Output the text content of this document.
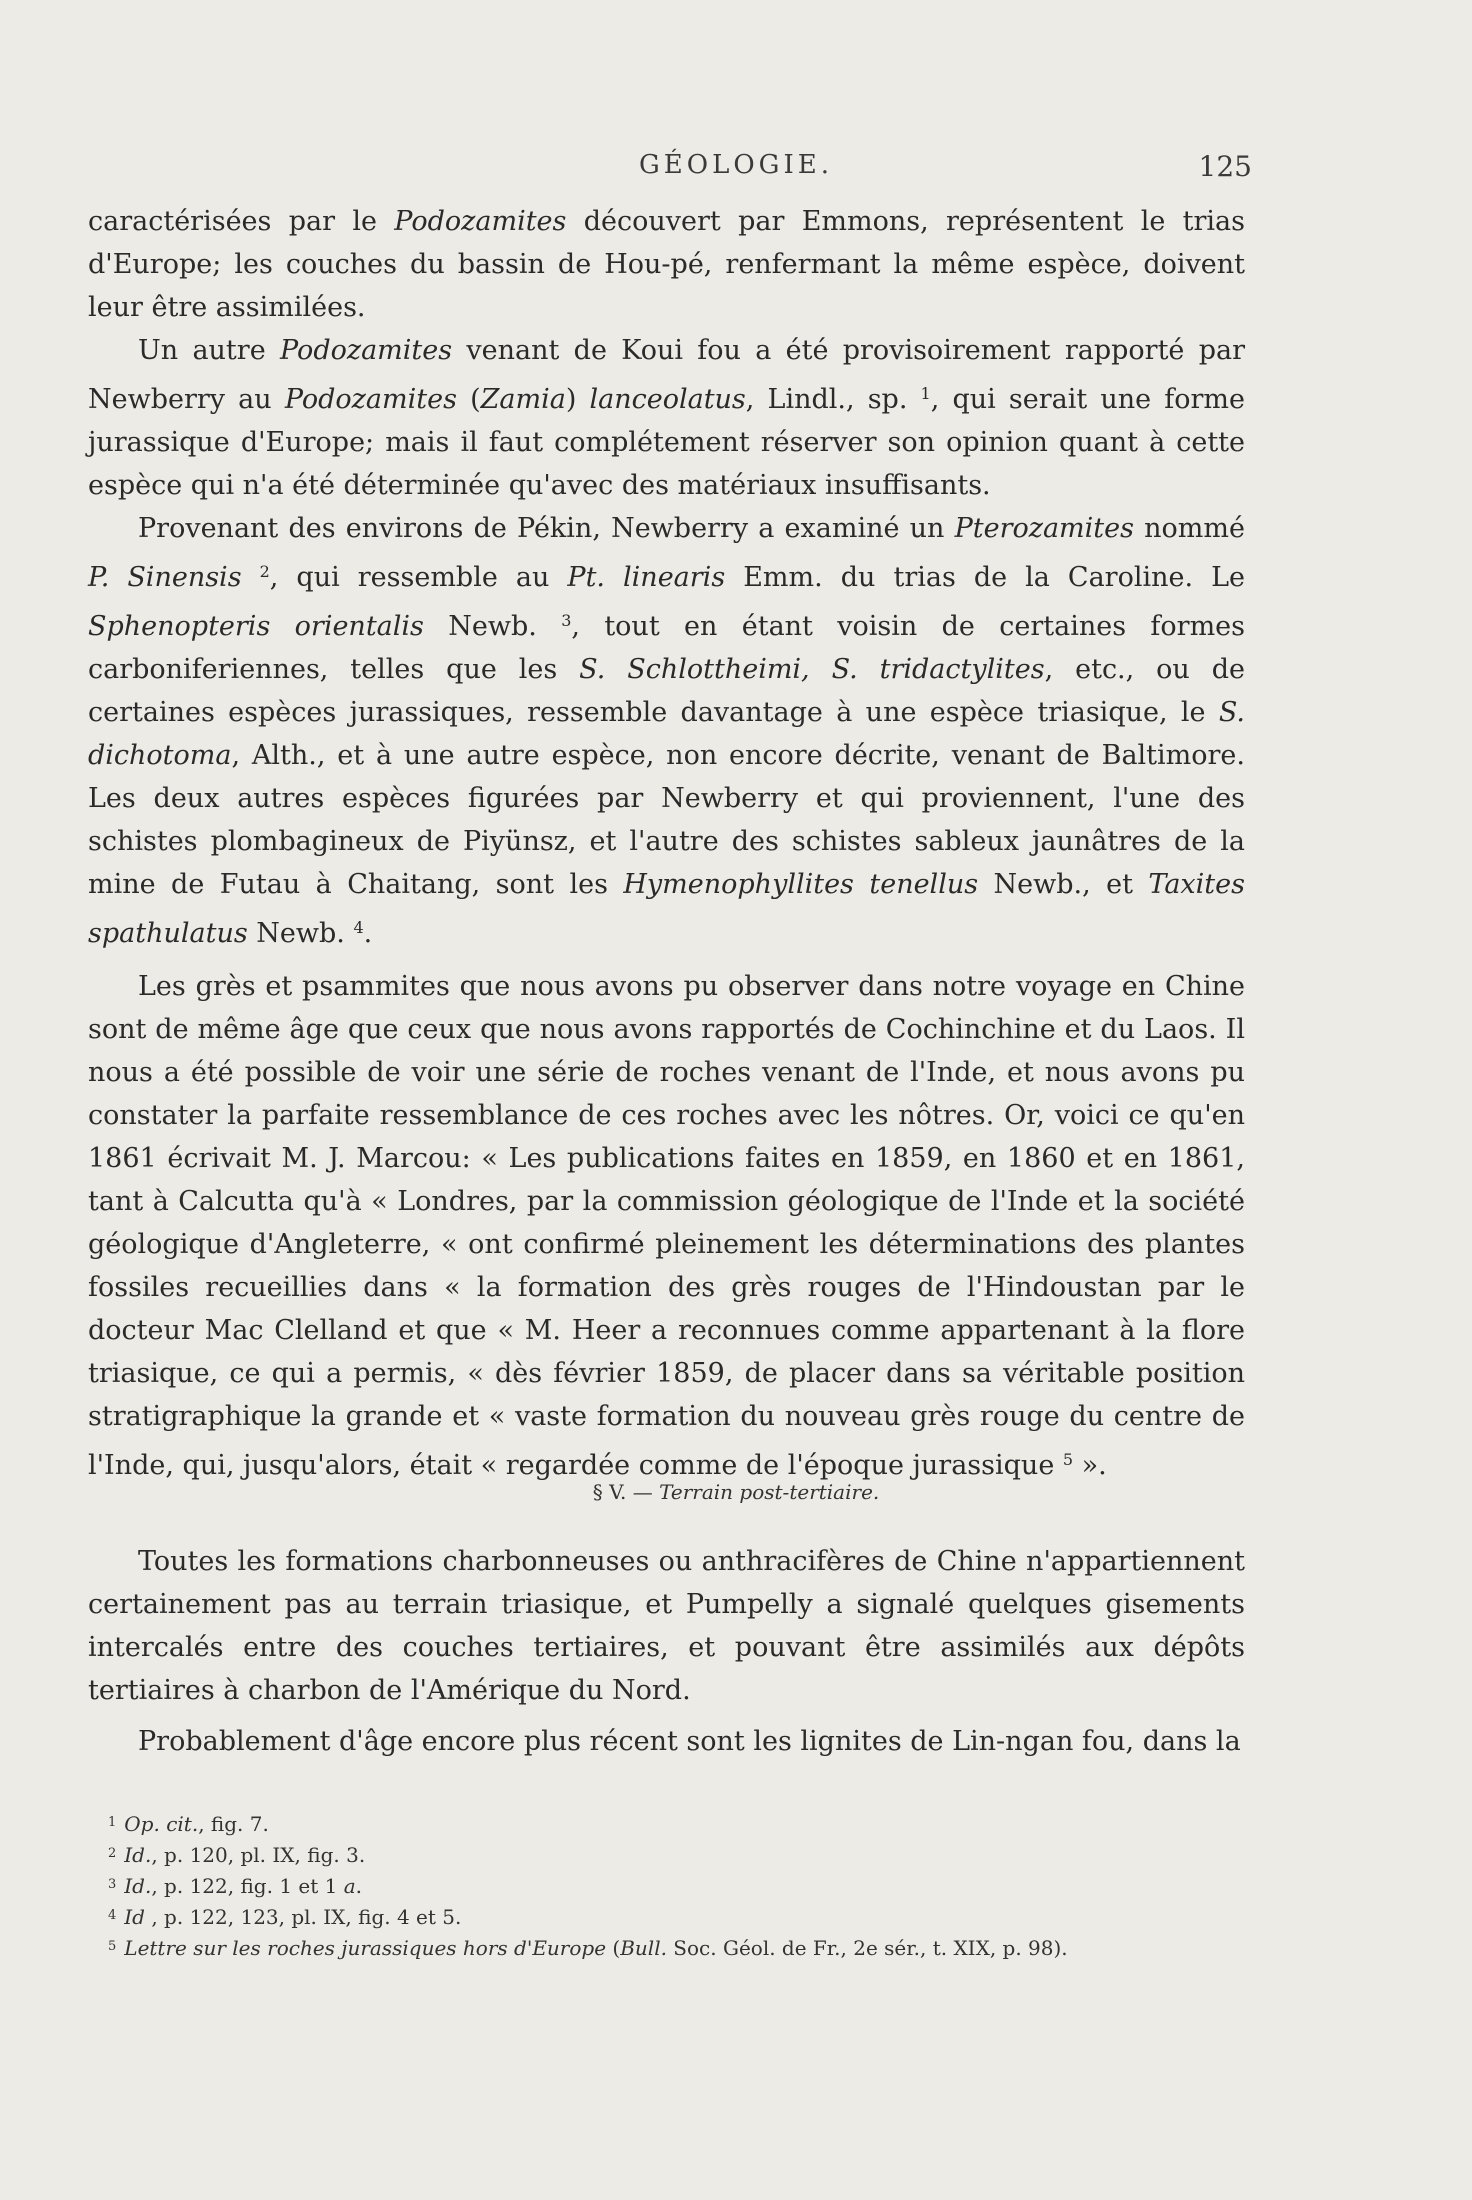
GÉOLOGIE.	125

caractérisées par le Podozamites découvert par Emmons, représentent le trias d'Europe; les couches du bassin de Hou-pé, renfermant la même espèce, doivent leur être assimilées.

Un autre Podozamites venant de Koui fou a été provisoirement rapporté par Newberry au Podozamites (Zamia) lanceolatus, Lindl., sp. $^1$, qui serait une forme jurassique d'Europe; mais il faut complétement réserver son opinion quant à cette espèce qui n'a été déterminée qu'avec des matériaux insuffisants.

Provenant des environs de Pékin, Newberry a examiné un Pterozamites nommé P. Sinensis $^2$, qui ressemble au Pt. linearis Emm. du trias de la Caroline. Le Sphenopteris orientalis Newb. $^3$, tout en étant voisin de certaines formes carboniferiennes, telles que les S. Schlottheimi, S. tridactylites, etc., ou de certaines espèces jurassiques, ressemble davantage à une espèce triasique, le S. dichotoma, Alth., et à une autre espèce, non encore décrite, venant de Baltimore. Les deux autres espèces figurées par Newberry et qui proviennent, l'une des schistes plombagineux de Piyünsz, et l'autre des schistes sableux jaunâtres de la mine de Futau à Chaitang, sont les Hymenophyllites tenellus Newb., et Taxites spathulatus Newb. $^4$.

Les grès et psammites que nous avons pu observer dans notre voyage en Chine sont de même âge que ceux que nous avons rapportés de Cochinchine et du Laos. Il nous a été possible de voir une série de roches venant de l'Inde, et nous avons pu constater la parfaite ressemblance de ces roches avec les nôtres. Or, voici ce qu'en 1861 écrivait M. J. Marcou: « Les publications faites en 1859, en 1860 et en 1861, tant à Calcutta qu'à « Londres, par la commission géologique de l'Inde et la société géologique d'Angleterre, « ont confirmé pleinement les déterminations des plantes fossiles recueillies dans « la formation des grès rouges de l'Hindoustan par le docteur Mac Clelland et que « M. Heer a reconnues comme appartenant à la flore triasique, ce qui a permis, « dès février 1859, de placer dans sa véritable position stratigraphique la grande et « vaste formation du nouveau grès rouge du centre de l'Inde, qui, jusqu'alors, était « regardée comme de l'époque jurassique $^5$ ».

§ V. — Terrain post-tertiaire.

Toutes les formations charbonneuses ou anthracifères de Chine n'appartiennent certainement pas au terrain triasique, et Pumpelly a signalé quelques gisements intercalés entre des couches tertiaires, et pouvant être assimilés aux dépôts tertiaires à charbon de l'Amérique du Nord.

Probablement d'âge encore plus récent sont les lignites de Lin-ngan fou, dans la

$^1$ Op. cit., fig. 7.
$^2$ Id., p. 120, pl. IX, fig. 3.
$^3$ Id., p. 122, fig. 1 et 1 a.
$^4$ Id , p. 122, 123, pl. IX, fig. 4 et 5.
$^5$ Lettre sur les roches jurassiques hors d'Europe (Bull. Soc. Géol. de Fr., 2e sér., t. XIX, p. 98).
